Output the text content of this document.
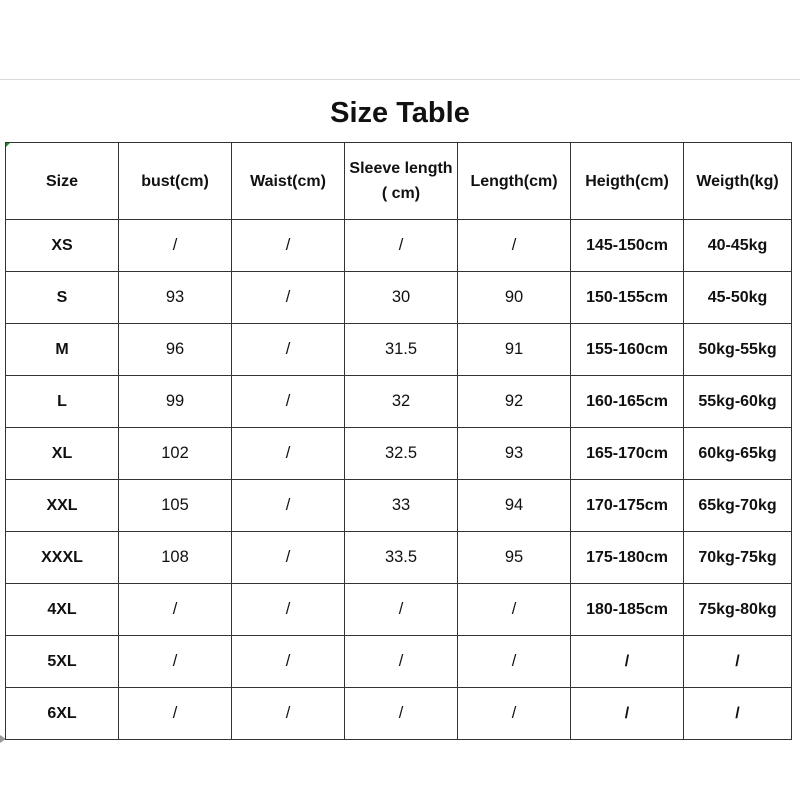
Size Table
Size	bust(cm)	Waist(cm)	Sleeve length ( cm)	Length(cm)	Heigth(cm)	Weigth(kg)
XS	/	/	/	/	145-150cm	40-45kg
S	93	/	30	90	150-155cm	45-50kg
M	96	/	31.5	91	155-160cm	50kg-55kg
L	99	/	32	92	160-165cm	55kg-60kg
XL	102	/	32.5	93	165-170cm	60kg-65kg
XXL	105	/	33	94	170-175cm	65kg-70kg
XXXL	108	/	33.5	95	175-180cm	70kg-75kg
4XL	/	/	/	/	180-185cm	75kg-80kg
5XL	/	/	/	/	/	/
6XL	/	/	/	/	/	/
